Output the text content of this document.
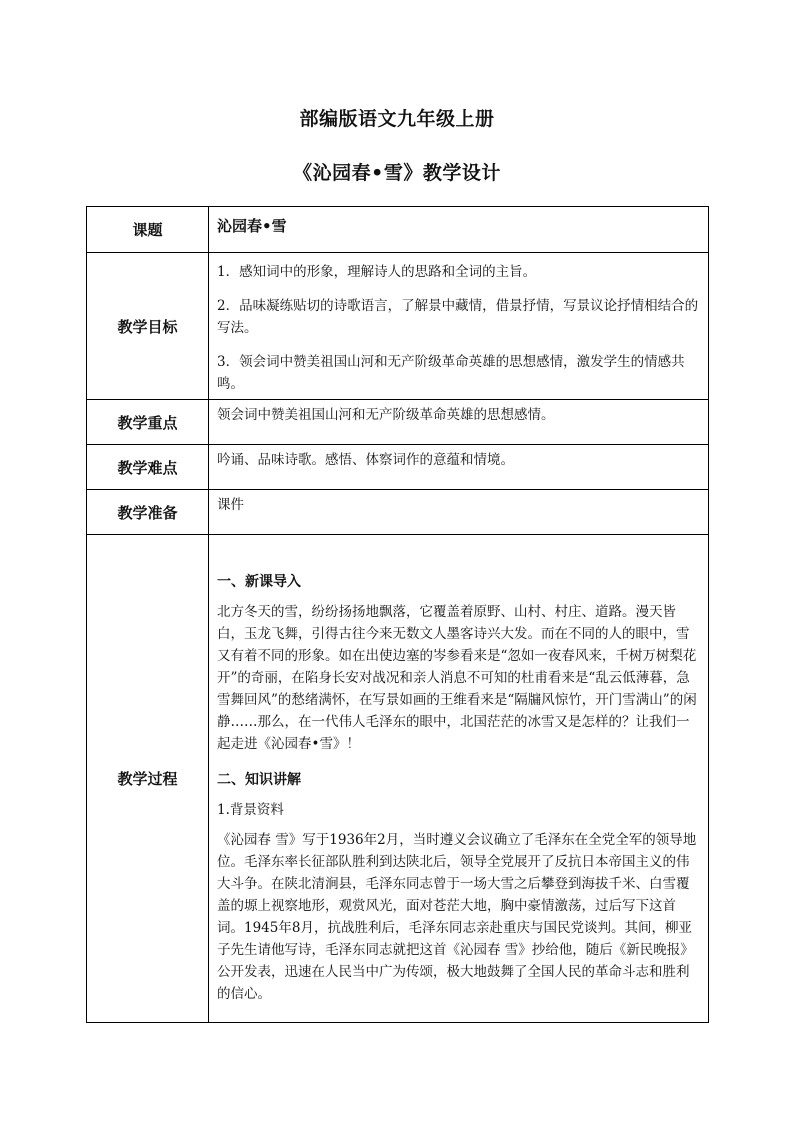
部编版语文九年级上册
《沁园春•雪》教学设计
课题	沁园春•雪

教学目标	1．感知词中的形象，理解诗人的思路和全词的主旨。

2．品味凝练贴切的诗歌语言，了解景中藏情，借景抒情，写景议论抒情相结合的写法。

3．领会词中赞美祖国山河和无产阶级革命英雄的思想感情，激发学生的情感共鸣。

教学重点	领会词中赞美祖国山河和无产阶级革命英雄的思想感情。

教学难点	吟诵、品味诗歌。感悟、体察词作的意蕴和情境。

教学准备	课件

教学过程	一、新课导入

北方冬天的雪，纷纷扬扬地飘落，它覆盖着原野、山村、村庄、道路。漫天皆白，玉龙飞舞，引得古往今来无数文人墨客诗兴大发。而在不同的人的眼中，雪又有着不同的形象。如在出使边塞的岑参看来是“忽如一夜春风来，千树万树梨花开”的奇丽，在陷身长安对战况和亲人消息不可知的杜甫看来是“乱云低薄暮，急雪舞回风”的愁绪满怀，在写景如画的王维看来是“隔牖风惊竹，开门雪满山”的闲静……那么，在一代伟人毛泽东的眼中，北国茫茫的冰雪又是怎样的？让我们一起走进《沁园春•雪》！

二、知识讲解

1.背景资料

《沁园春 雪》写于1936年2月，当时遵义会议确立了毛泽东在全党全军的领导地位。毛泽东率长征部队胜利到达陕北后，领导全党展开了反抗日本帝国主义的伟大斗争。在陕北清涧县，毛泽东同志曾于一场大雪之后攀登到海拔千米、白雪覆盖的塬上视察地形，观赏风光，面对苍茫大地，胸中豪情激荡，过后写下这首词。1945年8月，抗战胜利后，毛泽东同志亲赴重庆与国民党谈判。其间，柳亚子先生请他写诗，毛泽东同志就把这首《沁园春 雪》抄给他，随后《新民晚报》公开发表，迅速在人民当中广为传颂，极大地鼓舞了全国人民的革命斗志和胜利的信心。
